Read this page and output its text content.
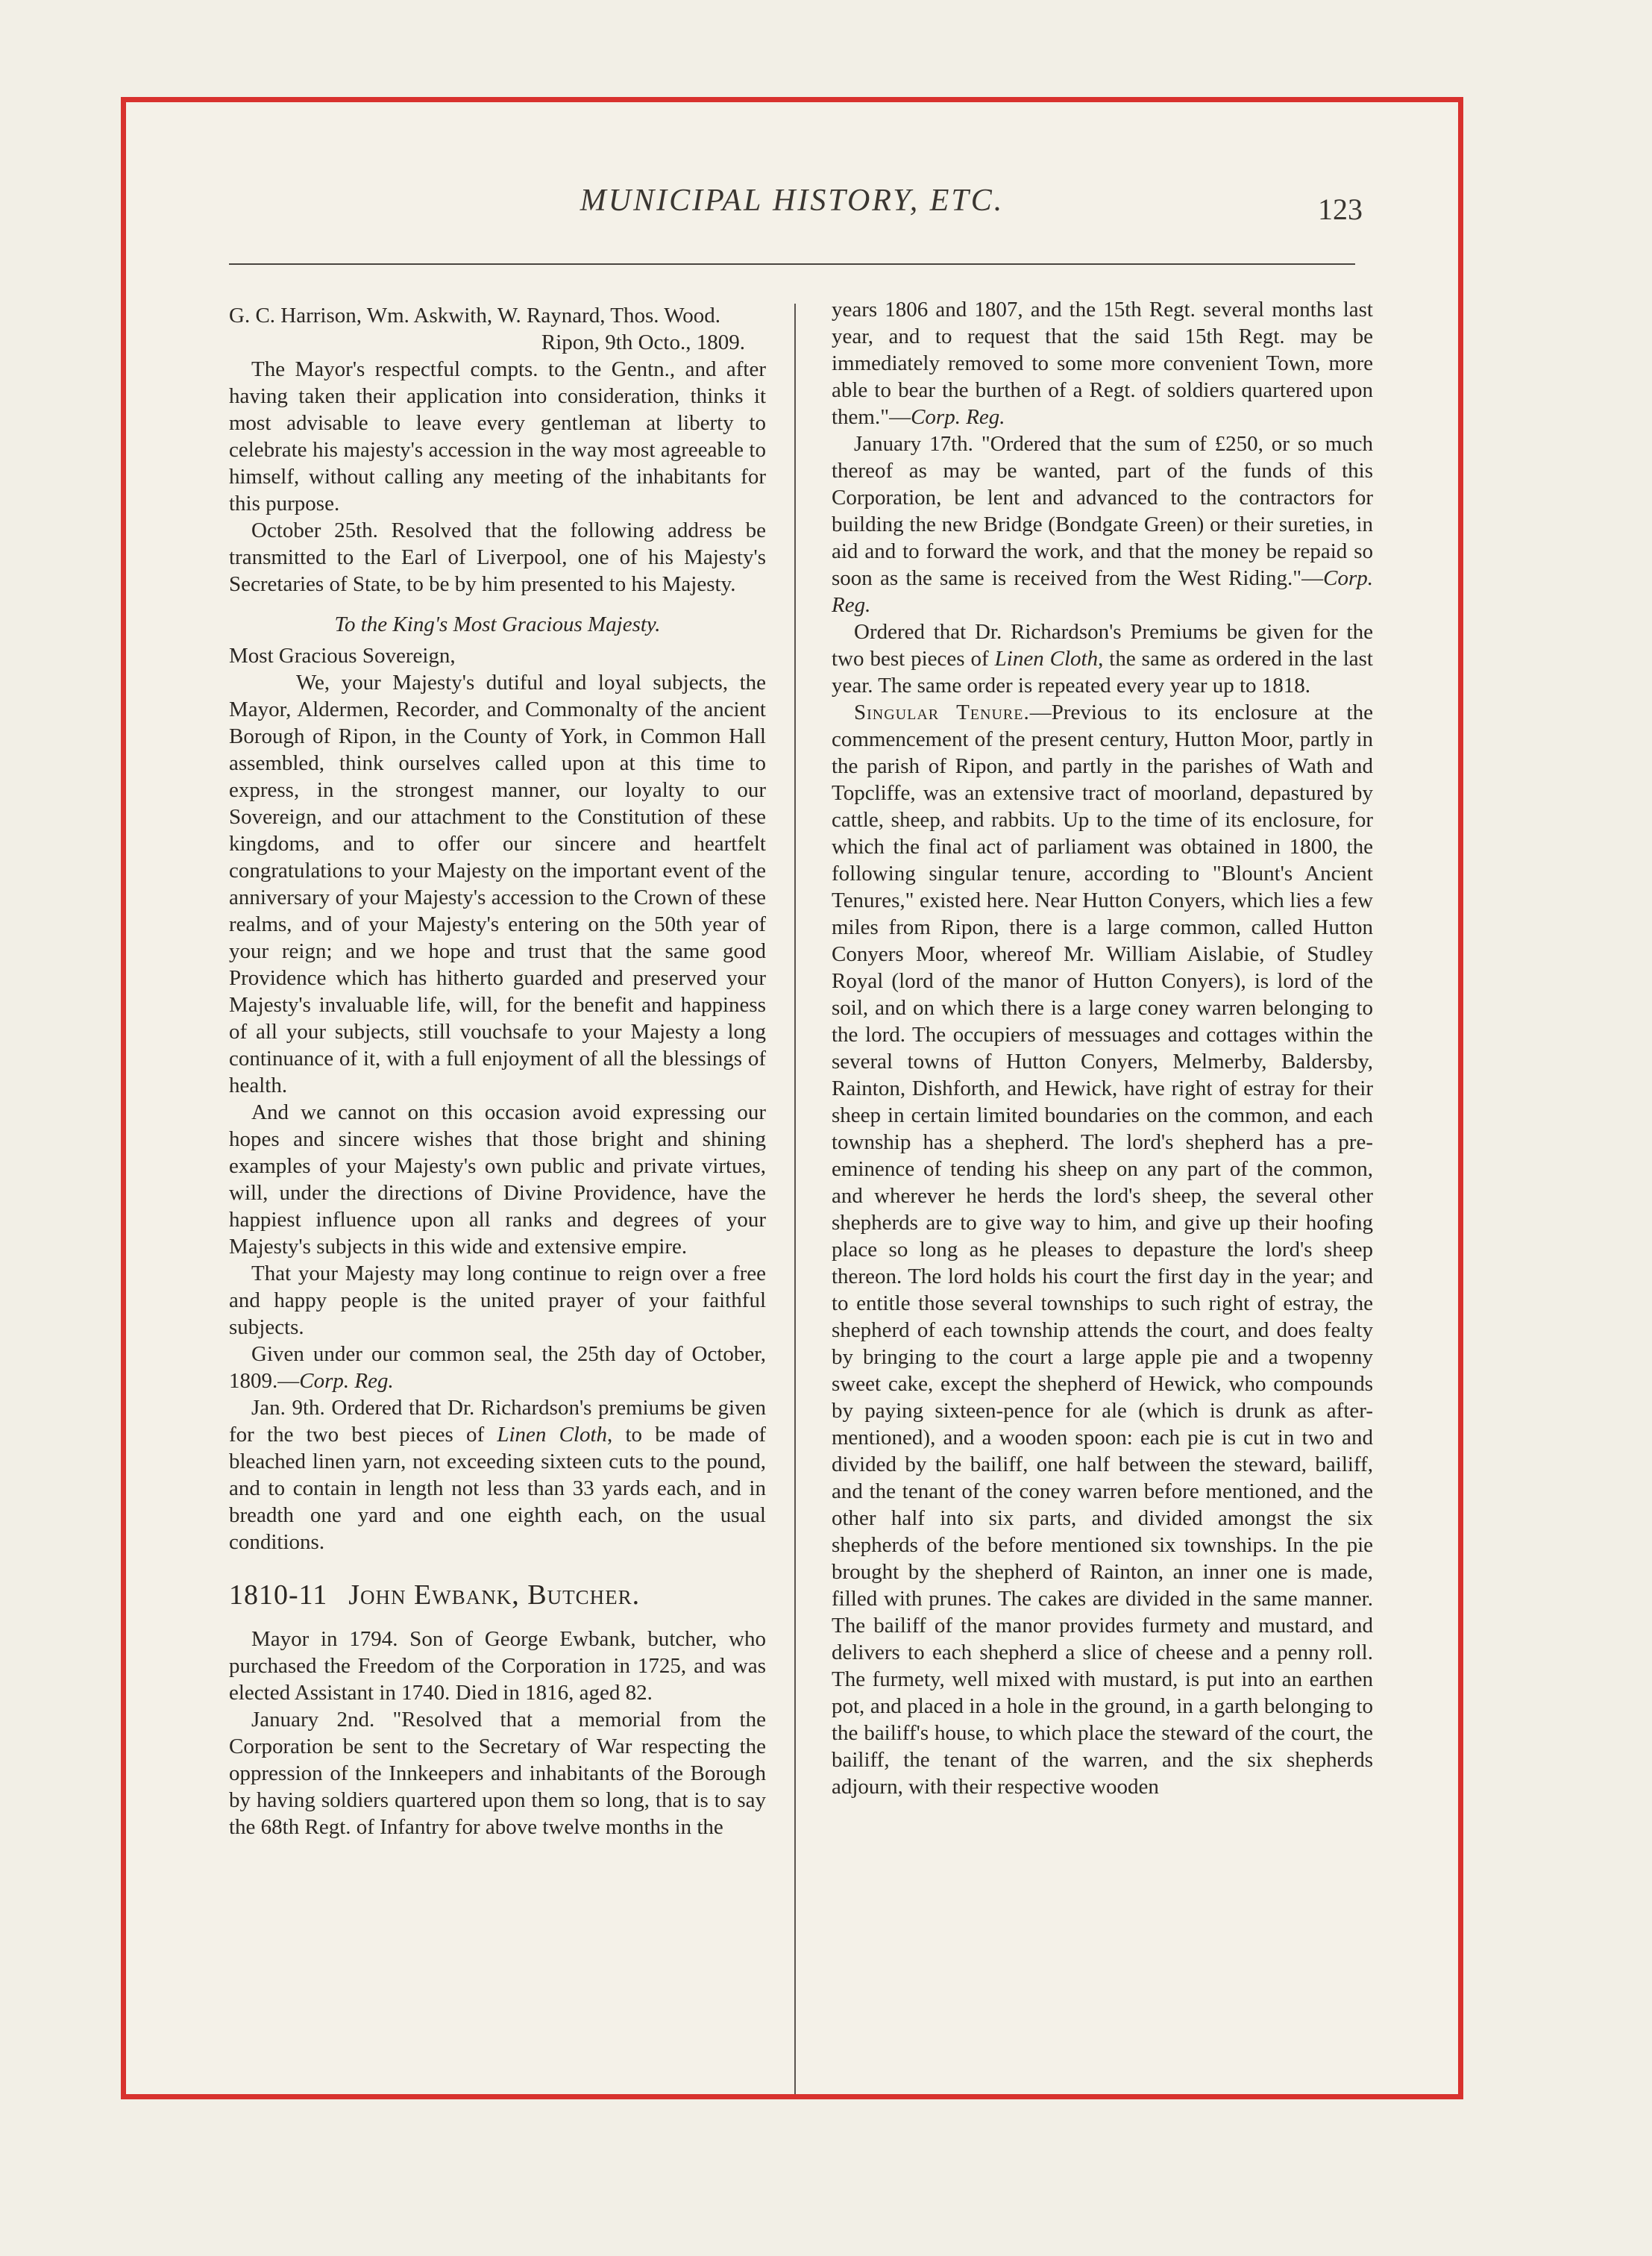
MUNICIPAL HISTORY, ETC.	123

G. C. Harrison, Wm. Askwith, W. Raynard, Thos. Wood.

Ripon, 9th Octo., 1809.

The Mayor's respectful compts. to the Gentn., and after having taken their application into consideration, thinks it most advisable to leave every gentleman at liberty to celebrate his majesty's accession in the way most agreeable to himself, without calling any meeting of the inhabitants for this purpose.

October 25th. Resolved that the following address be transmitted to the Earl of Liverpool, one of his Majesty's Secretaries of State, to be by him presented to his Majesty.

To the King's Most Gracious Majesty.

Most Gracious Sovereign,

We, your Majesty's dutiful and loyal subjects, the Mayor, Aldermen, Recorder, and Commonalty of the ancient Borough of Ripon, in the County of York, in Common Hall assembled, think ourselves called upon at this time to express, in the strongest manner, our loyalty to our Sovereign, and our attachment to the Constitution of these kingdoms, and to offer our sincere and heartfelt congratulations to your Majesty on the important event of the anniversary of your Majesty's accession to the Crown of these realms, and of your Majesty's entering on the 50th year of your reign; and we hope and trust that the same good Providence which has hitherto guarded and preserved your Majesty's invaluable life, will, for the benefit and happiness of all your subjects, still vouchsafe to your Majesty a long continuance of it, with a full enjoyment of all the blessings of health.

And we cannot on this occasion avoid expressing our hopes and sincere wishes that those bright and shining examples of your Majesty's own public and private virtues, will, under the directions of Divine Providence, have the happiest influence upon all ranks and degrees of your Majesty's subjects in this wide and extensive empire.

That your Majesty may long continue to reign over a free and happy people is the united prayer of your faithful subjects.

Given under our common seal, the 25th day of October, 1809.—Corp. Reg.

Jan. 9th. Ordered that Dr. Richardson's premiums be given for the two best pieces of Linen Cloth, to be made of bleached linen yarn, not exceeding sixteen cuts to the pound, and to contain in length not less than 33 yards each, and in breadth one yard and one eighth each, on the usual conditions.

1810-11 John Ewbank, Butcher.

Mayor in 1794. Son of George Ewbank, butcher, who purchased the Freedom of the Corporation in 1725, and was elected Assistant in 1740. Died in 1816, aged 82.

January 2nd. "Resolved that a memorial from the Corporation be sent to the Secretary of War respecting the oppression of the Innkeepers and inhabitants of the Borough by having soldiers quartered upon them so long, that is to say the 68th Regt. of Infantry for above twelve months in the

years 1806 and 1807, and the 15th Regt. several months last year, and to request that the said 15th Regt. may be immediately removed to some more convenient Town, more able to bear the burthen of a Regt. of soldiers quartered upon them."—Corp. Reg.

January 17th. "Ordered that the sum of £250, or so much thereof as may be wanted, part of the funds of this Corporation, be lent and advanced to the contractors for building the new Bridge (Bondgate Green) or their sureties, in aid and to forward the work, and that the money be repaid so soon as the same is received from the West Riding."—Corp. Reg.

Ordered that Dr. Richardson's Premiums be given for the two best pieces of Linen Cloth, the same as ordered in the last year. The same order is repeated every year up to 1818.

Singular Tenure.—Previous to its enclosure at the commencement of the present century, Hutton Moor, partly in the parish of Ripon, and partly in the parishes of Wath and Topcliffe, was an extensive tract of moorland, depastured by cattle, sheep, and rabbits. Up to the time of its enclosure, for which the final act of parliament was obtained in 1800, the following singular tenure, according to "Blount's Ancient Tenures," existed here. Near Hutton Conyers, which lies a few miles from Ripon, there is a large common, called Hutton Conyers Moor, whereof Mr. William Aislabie, of Studley Royal (lord of the manor of Hutton Conyers), is lord of the soil, and on which there is a large coney warren belonging to the lord. The occupiers of messuages and cottages within the several towns of Hutton Conyers, Melmerby, Baldersby, Rainton, Dishforth, and Hewick, have right of estray for their sheep in certain limited boundaries on the common, and each township has a shepherd. The lord's shepherd has a pre-eminence of tending his sheep on any part of the common, and wherever he herds the lord's sheep, the several other shepherds are to give way to him, and give up their hoofing place so long as he pleases to depasture the lord's sheep thereon. The lord holds his court the first day in the year; and to entitle those several townships to such right of estray, the shepherd of each township attends the court, and does fealty by bringing to the court a large apple pie and a twopenny sweet cake, except the shepherd of Hewick, who compounds by paying sixteen-pence for ale (which is drunk as after-mentioned), and a wooden spoon: each pie is cut in two and divided by the bailiff, one half between the steward, bailiff, and the tenant of the coney warren before mentioned, and the other half into six parts, and divided amongst the six shepherds of the before mentioned six townships. In the pie brought by the shepherd of Rainton, an inner one is made, filled with prunes. The cakes are divided in the same manner. The bailiff of the manor provides furmety and mustard, and delivers to each shepherd a slice of cheese and a penny roll. The furmety, well mixed with mustard, is put into an earthen pot, and placed in a hole in the ground, in a garth belonging to the bailiff's house, to which place the steward of the court, the bailiff, the tenant of the warren, and the six shepherds adjourn, with their respective wooden
